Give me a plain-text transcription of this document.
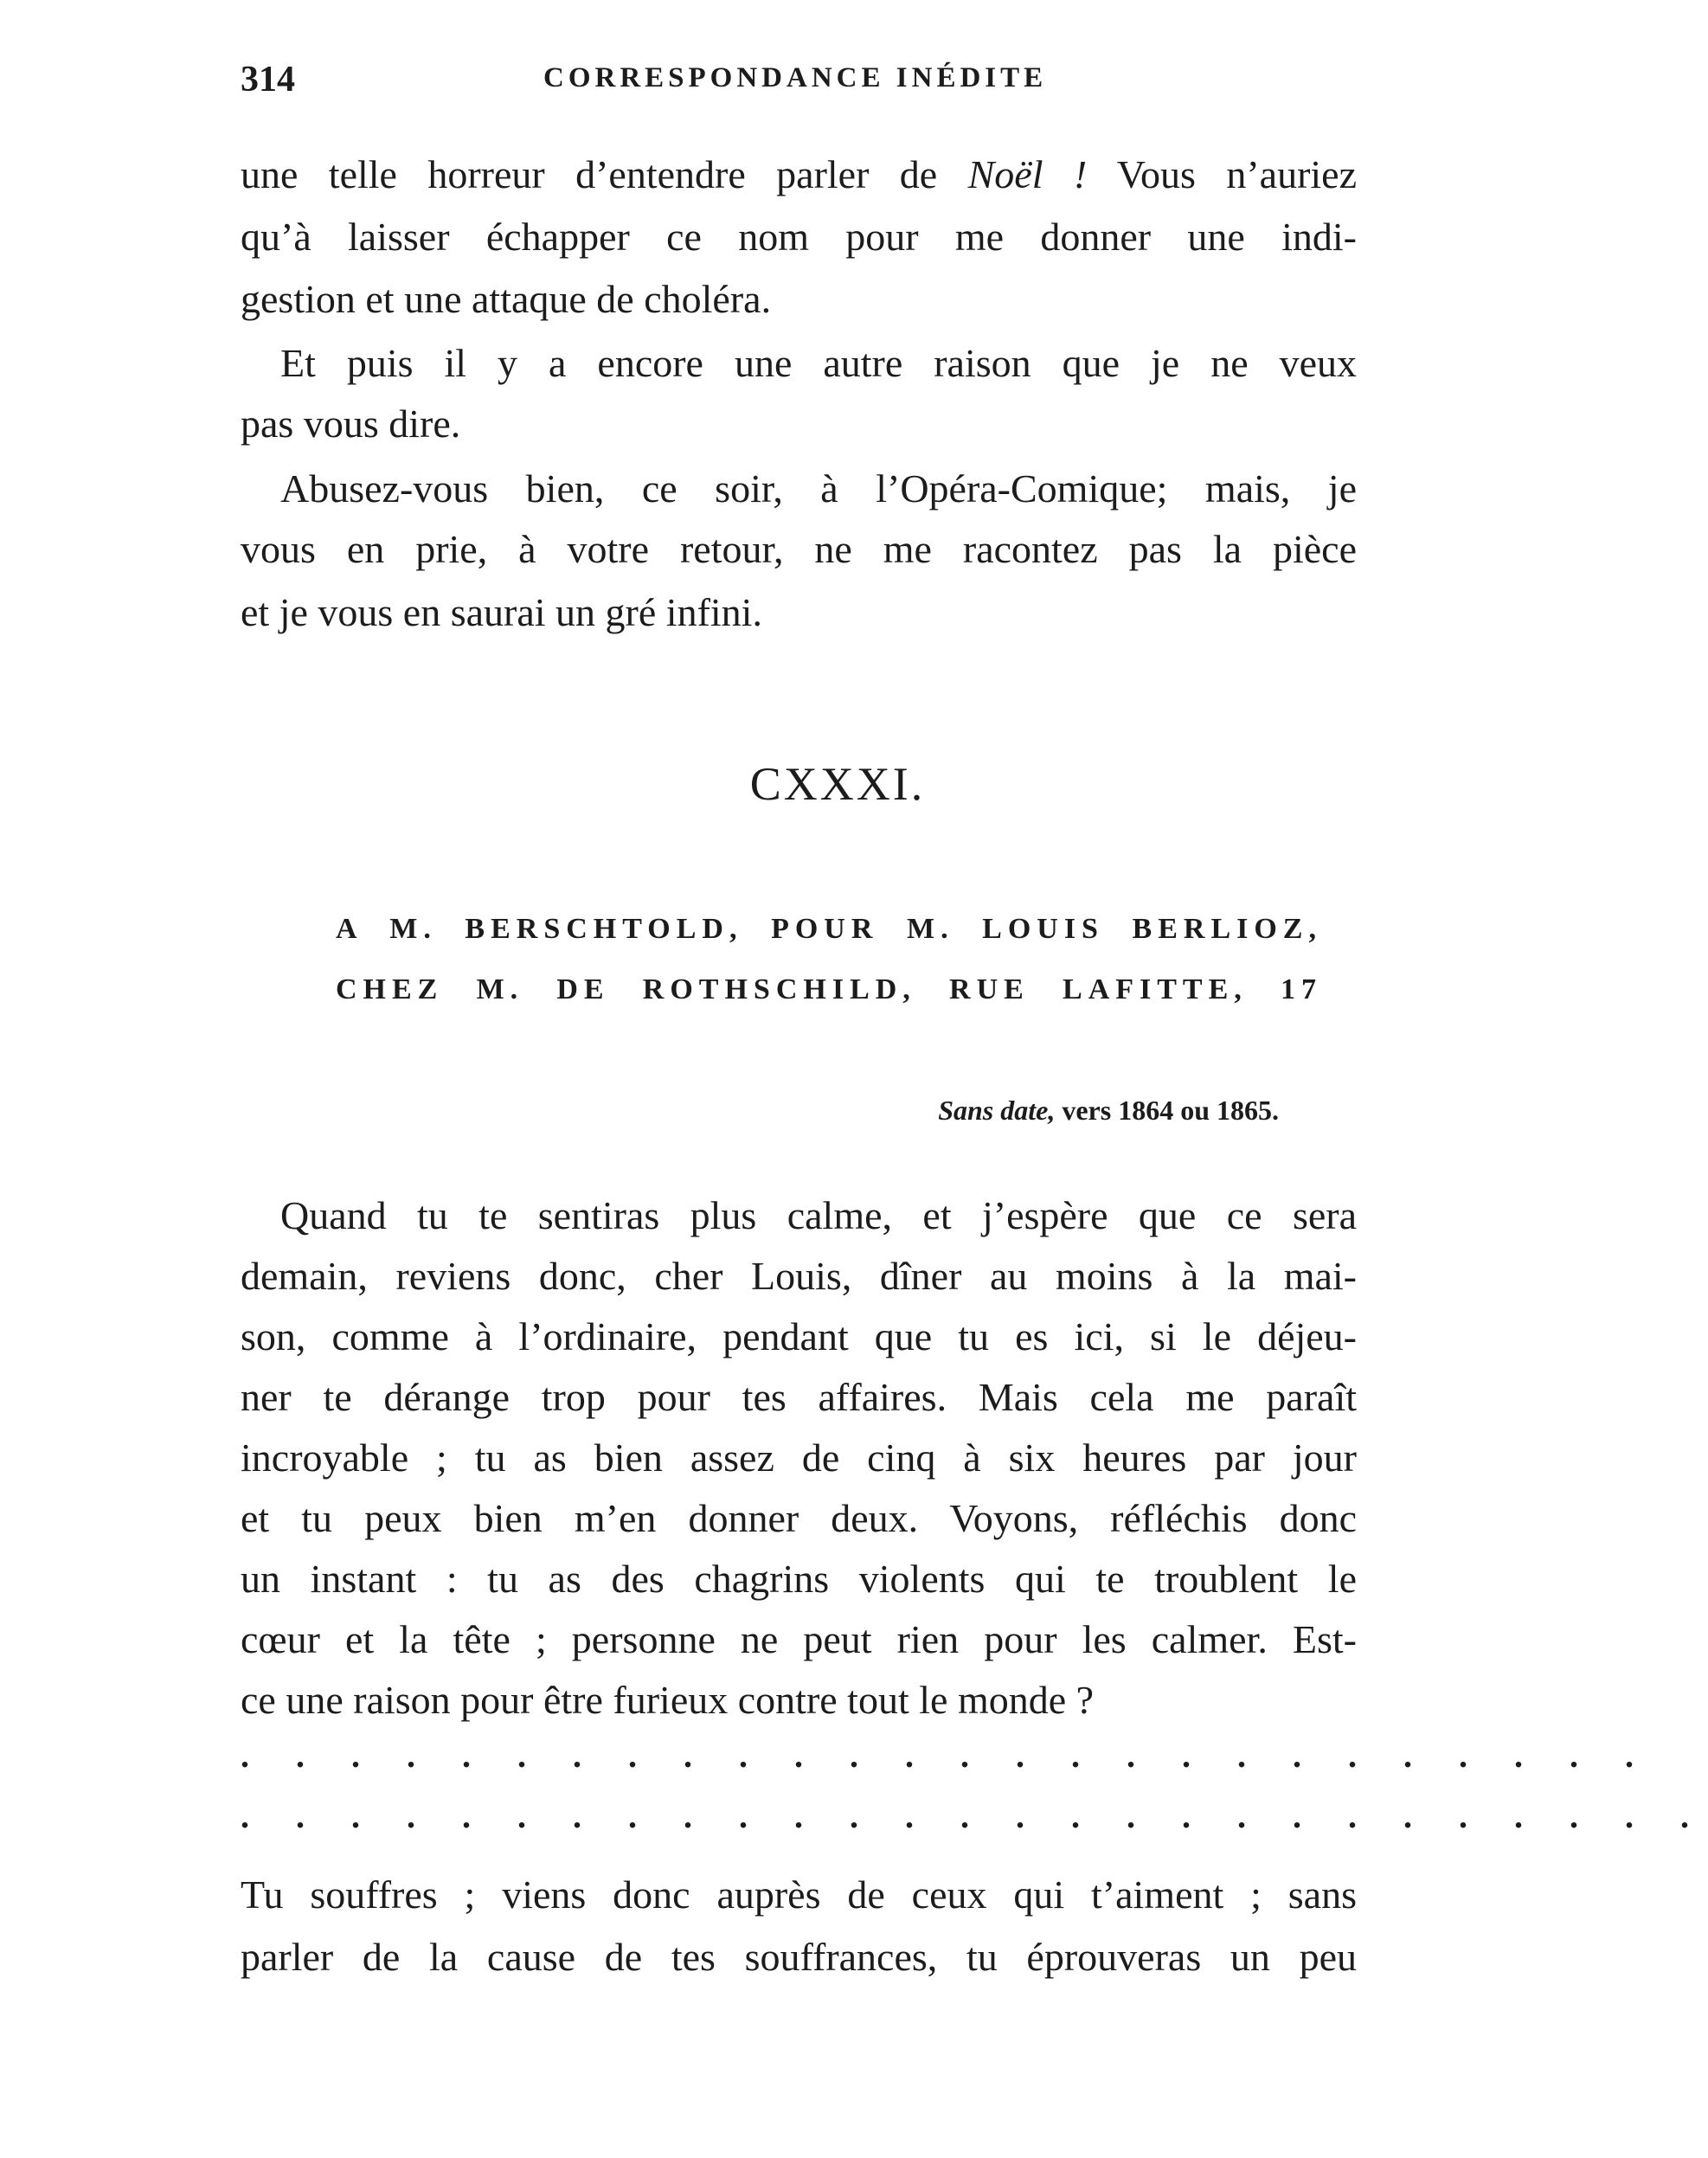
314	CORRESPONDANCE INÉDITE
une telle horreur d’entendre parler de Noël ! Vous n’auriez
qu’à laisser échapper ce nom pour me donner une indi-
gestion et une attaque de choléra.
Et puis il y a encore une autre raison que je ne veux
pas vous dire.
Abusez-vous bien, ce soir, à l’Opéra-Comique; mais, je
vous en prie, à votre retour, ne me racontez pas la pièce
et je vous en saurai un gré infini.
CXXXI.
A M. BERSCHTOLD, POUR M. LOUIS BERLIOZ,
CHEZ M. DE ROTHSCHILD, RUE LAFITTE, 17
Sans date, vers 1864 ou 1865.
Quand tu te sentiras plus calme, et j’espère que ce sera
demain, reviens donc, cher Louis, dîner au moins à la mai-
son, comme à l’ordinaire, pendant que tu es ici, si le déjeu-
ner te dérange trop pour tes affaires. Mais cela me paraît
incroyable ; tu as bien assez de cinq à six heures par jour
et tu peux bien m’en donner deux. Voyons, réfléchis donc
un instant : tu as des chagrins violents qui te troublent le
cœur et la tête ; personne ne peut rien pour les calmer. Est-
ce une raison pour être furieux contre tout le monde ?
. . . . . . . . . . . . . . . . . . . . . . . . . .
. . . . . . . . . . . . . . . . . . . . . . . . . . .
Tu souffres ; viens donc auprès de ceux qui t’aiment ; sans
parler de la cause de tes souffrances, tu éprouveras un peu
